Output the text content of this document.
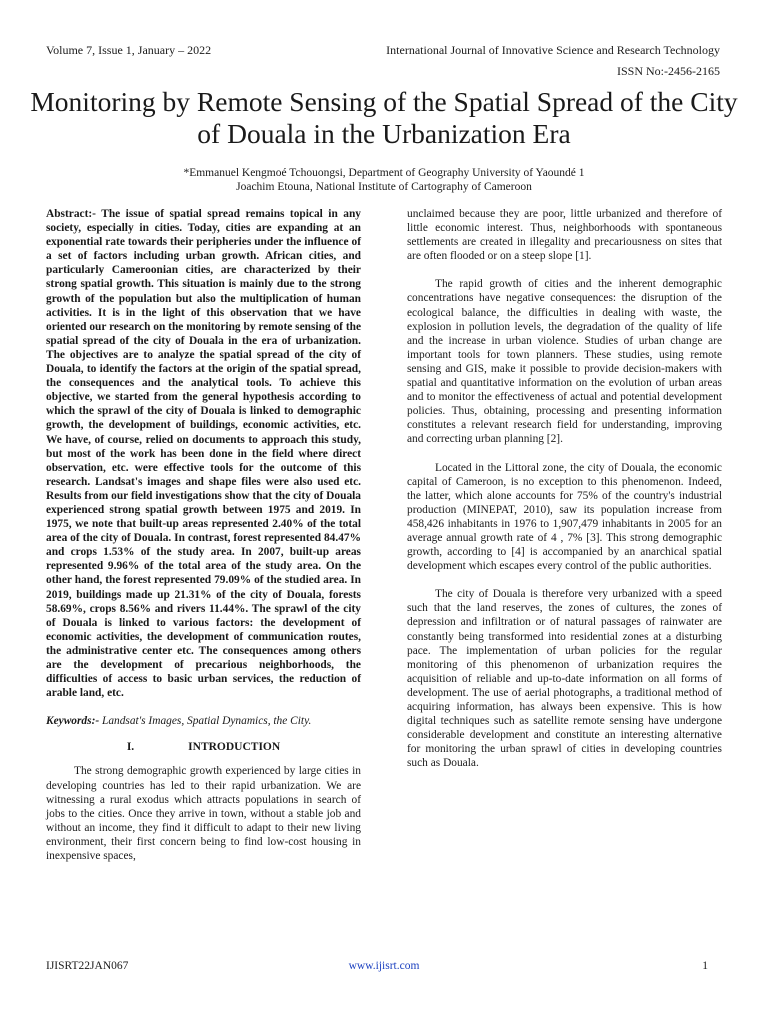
Volume 7, Issue 1, January – 2022	International Journal of Innovative Science and Research Technology
ISSN No:-2456-2165
Monitoring by Remote Sensing of the Spatial Spread of the City of Douala in the Urbanization Era
*Emmanuel Kengmoé Tchouongsi, Department of Geography University of Yaoundé 1
Joachim Etouna, National Institute of Cartography of Cameroon

Abstract:- The issue of spatial spread remains topical in any society, especially in cities. Today, cities are expanding at an exponential rate towards their peripheries under the influence of a set of factors including urban growth. African cities, and particularly Cameroonian cities, are characterized by their strong spatial growth. This situation is mainly due to the strong growth of the population but also the multiplication of human activities. It is in the light of this observation that we have oriented our research on the monitoring by remote sensing of the spatial spread of the city of Douala in the era of urbanization. The objectives are to analyze the spatial spread of the city of Douala, to identify the factors at the origin of the spatial spread, the consequences and the analytical tools. To achieve this objective, we started from the general hypothesis according to which the sprawl of the city of Douala is linked to demographic growth, the development of buildings, economic activities, etc. We have, of course, relied on documents to approach this study, but most of the work has been done in the field where direct observation, etc. were effective tools for the outcome of this research. Landsat's images and shape files were also used etc. Results from our field investigations show that the city of Douala experienced strong spatial growth between 1975 and 2019. In 1975, we note that built-up areas represented 2.40% of the total area of the city of Douala. In contrast, forest represented 84.47% and crops 1.53% of the study area. In 2007, built-up areas represented 9.96% of the total area of the study area. On the other hand, the forest represented 79.09% of the studied area. In 2019, buildings made up 21.31% of the city of Douala, forests 58.69%, crops 8.56% and rivers 11.44%. The sprawl of the city of Douala is linked to various factors: the development of economic activities, the development of communication routes, the administrative center etc. The consequences among others are the development of precarious neighborhoods, the difficulties of access to basic urban services, the reduction of arable land, etc.

Keywords:- Landsat's Images, Spatial Dynamics, the City.

I.	INTRODUCTION

The strong demographic growth experienced by large cities in developing countries has led to their rapid urbanization. We are witnessing a rural exodus which attracts populations in search of jobs to the cities. Once they arrive in town, without a stable job and without an income, they find it difficult to adapt to their new living environment, their first concern being to find low-cost housing in inexpensive spaces,

unclaimed because they are poor, little urbanized and therefore of little economic interest. Thus, neighborhoods with spontaneous settlements are created in illegality and precariousness on sites that are often flooded or on a steep slope [1].

The rapid growth of cities and the inherent demographic concentrations have negative consequences: the disruption of the ecological balance, the difficulties in dealing with waste, the explosion in pollution levels, the degradation of the quality of life and the increase in urban violence. Studies of urban change are important tools for town planners. These studies, using remote sensing and GIS, make it possible to provide decision-makers with spatial and quantitative information on the evolution of urban areas and to monitor the effectiveness of actual and potential development policies. Thus, obtaining, processing and presenting information constitutes a relevant research field for understanding, improving and correcting urban planning [2].

Located in the Littoral zone, the city of Douala, the economic capital of Cameroon, is no exception to this phenomenon. Indeed, the latter, which alone accounts for 75% of the country's industrial production (MINEPAT, 2010), saw its population increase from 458,426 inhabitants in 1976 to 1,907,479 inhabitants in 2005 for an average annual growth rate of 4 , 7% [3]. This strong demographic growth, according to [4] is accompanied by an anarchical spatial development which escapes every control of the public authorities.

The city of Douala is therefore very urbanized with a speed such that the land reserves, the zones of cultures, the zones of depression and infiltration or of natural passages of rainwater are constantly being transformed into residential zones at a disturbing pace. The implementation of urban policies for the regular monitoring of this phenomenon of urbanization requires the acquisition of reliable and up-to-date information on all forms of development. The use of aerial photographs, a traditional method of acquiring information, has always been expensive. This is how digital techniques such as satellite remote sensing have undergone considerable development and constitute an interesting alternative for monitoring the urban sprawl of cities in developing countries such as Douala.

IJISRT22JAN067	www.ijisrt.com	1
